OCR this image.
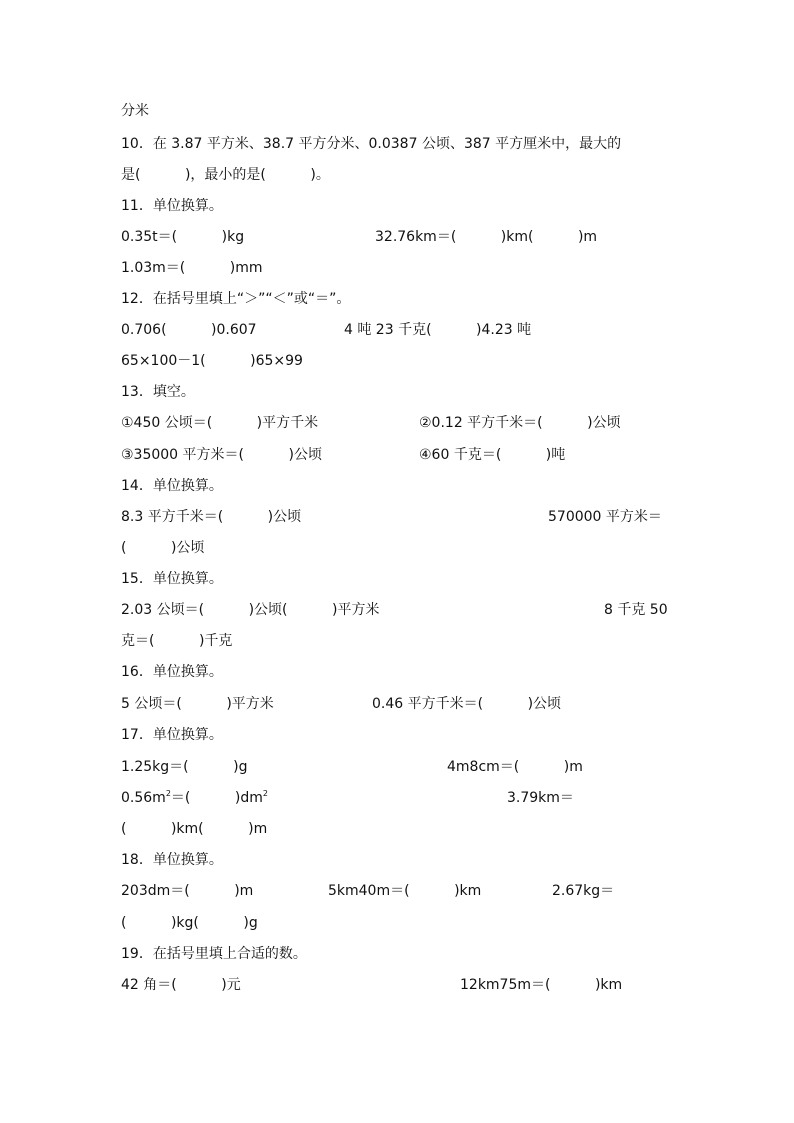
分米
10．在 3.87 平方米、38.7 平方分米、0.0387 公顷、387 平方厘米中，最大的
是(          )，最小的是(          )。
11．单位换算。
0.35t＝(          )kg	32.76km＝(          )km(          )m
1.03m＝(          )mm
12．在括号里填上“＞”“＜”或“＝”。
0.706(          )0.607	4 吨 23 千克(          )4.23 吨
65×100－1(          )65×99
13．填空。
①450 公顷＝(          )平方千米	②0.12 平方千米＝(          )公顷
③35000 平方米＝(          )公顷	④60 千克＝(          )吨
14．单位换算。
8.3 平方千米＝(          )公顷	570000 平方米＝
(          )公顷
15．单位换算。
2.03 公顷＝(          )公顷(          )平方米	8 千克 50
克＝(          )千克
16．单位换算。
5 公顷＝(          )平方米	0.46 平方千米＝(          )公顷
17．单位换算。
1.25kg＝(          )g	4m8cm＝(          )m
$0.56m^2=$(          )$dm^2$	3.79km＝
(          )km(          )m
18．单位换算。
203dm＝(          )m	5km40m＝(          )km	2.67kg＝
(          )kg(          )g
19．在括号里填上合适的数。
42 角＝(          )元	12km75m＝(          )km
